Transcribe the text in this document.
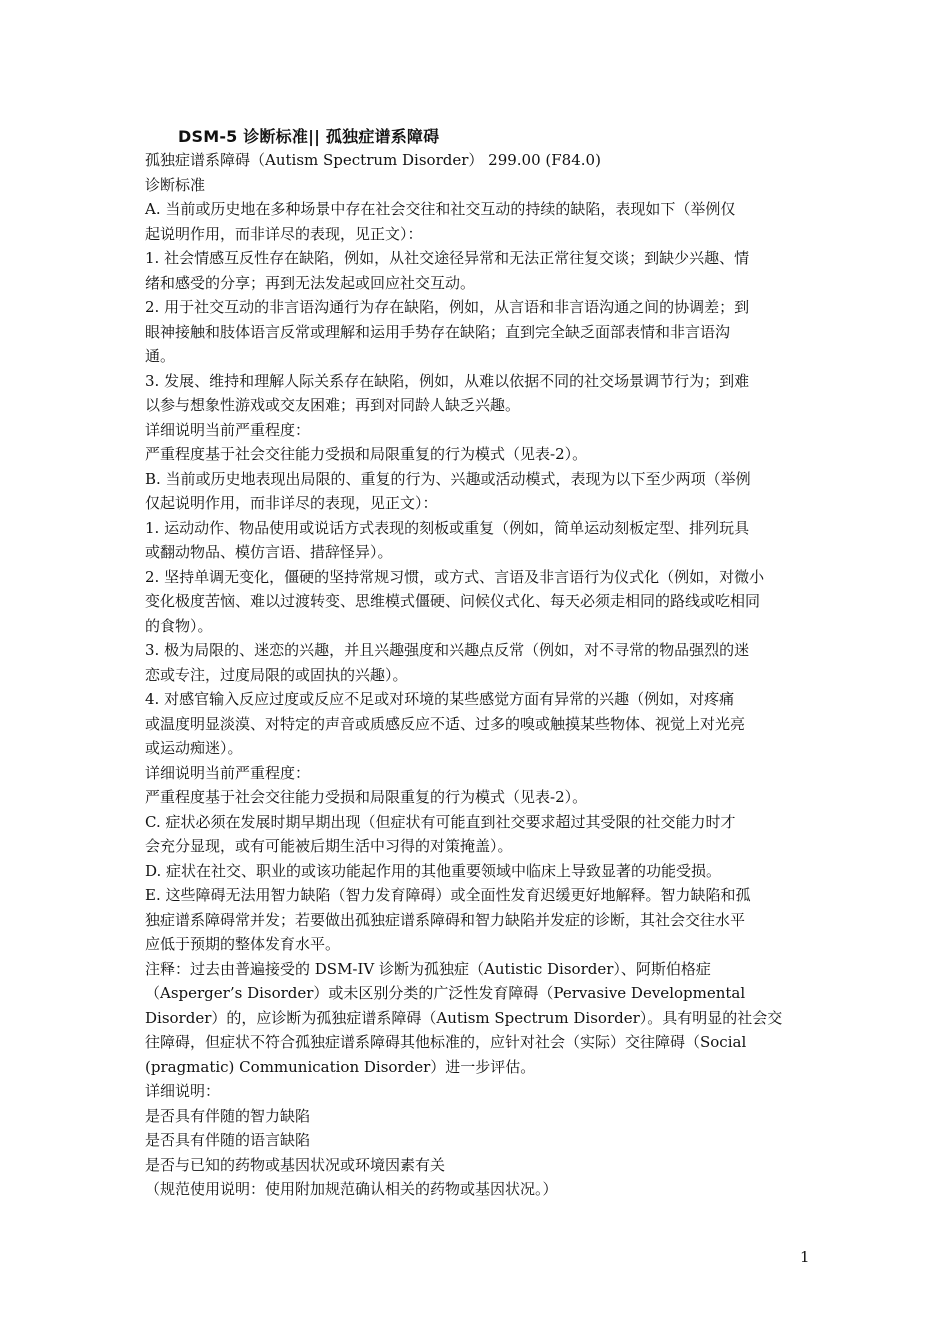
DSM-5 诊断标准|| 孤独症谱系障碍
孤独症谱系障碍（Autism Spectrum Disorder） 299.00 (F84.0)
诊断标准
A. 当前或历史地在多种场景中存在社会交往和社交互动的持续的缺陷，表现如下（举例仅
起说明作用，而非详尽的表现，见正文）：
1. 社会情感互反性存在缺陷，例如，从社交途径异常和无法正常往复交谈；到缺少兴趣、情
绪和感受的分享；再到无法发起或回应社交互动。
2. 用于社交互动的非言语沟通行为存在缺陷，例如，从言语和非言语沟通之间的协调差；到
眼神接触和肢体语言反常或理解和运用手势存在缺陷；直到完全缺乏面部表情和非言语沟
通。
3. 发展、维持和理解人际关系存在缺陷，例如，从难以依据不同的社交场景调节行为；到难
以参与想象性游戏或交友困难；再到对同龄人缺乏兴趣。
详细说明当前严重程度：
严重程度基于社会交往能力受损和局限重复的行为模式（见表-2）。
B. 当前或历史地表现出局限的、重复的行为、兴趣或活动模式，表现为以下至少两项（举例
仅起说明作用，而非详尽的表现，见正文）：
1. 运动动作、物品使用或说话方式表现的刻板或重复（例如，简单运动刻板定型、排列玩具
或翻动物品、模仿言语、措辞怪异）。
2. 坚持单调无变化，僵硬的坚持常规习惯，或方式、言语及非言语行为仪式化（例如，对微小
变化极度苦恼、难以过渡转变、思维模式僵硬、问候仪式化、每天必须走相同的路线或吃相同
的食物）。
3. 极为局限的、迷恋的兴趣，并且兴趣强度和兴趣点反常（例如，对不寻常的物品强烈的迷
恋或专注，过度局限的或固执的兴趣）。
4. 对感官输入反应过度或反应不足或对环境的某些感觉方面有异常的兴趣（例如，对疼痛
或温度明显淡漠、对特定的声音或质感反应不适、过多的嗅或触摸某些物体、视觉上对光亮
或运动痴迷）。
详细说明当前严重程度：
严重程度基于社会交往能力受损和局限重复的行为模式（见表-2）。
C. 症状必须在发展时期早期出现（但症状有可能直到社交要求超过其受限的社交能力时才
会充分显现，或有可能被后期生活中习得的对策掩盖）。
D. 症状在社交、职业的或该功能起作用的其他重要领域中临床上导致显著的功能受损。
E. 这些障碍无法用智力缺陷（智力发育障碍）或全面性发育迟缓更好地解释。智力缺陷和孤
独症谱系障碍常并发；若要做出孤独症谱系障碍和智力缺陷并发症的诊断，其社会交往水平
应低于预期的整体发育水平。
注释：过去由普遍接受的 DSM-IV 诊断为孤独症（Autistic Disorder）、阿斯伯格症
（Asperger’s Disorder）或未区别分类的广泛性发育障碍（Pervasive Developmental
Disorder）的，应诊断为孤独症谱系障碍（Autism Spectrum Disorder）。具有明显的社会交
往障碍，但症状不符合孤独症谱系障碍其他标准的，应针对社会（实际）交往障碍（Social
(pragmatic) Communication Disorder）进一步评估。
详细说明：
是否具有伴随的智力缺陷
是否具有伴随的语言缺陷
是否与已知的药物或基因状况或环境因素有关
（规范使用说明：使用附加规范确认相关的药物或基因状况。）
1
